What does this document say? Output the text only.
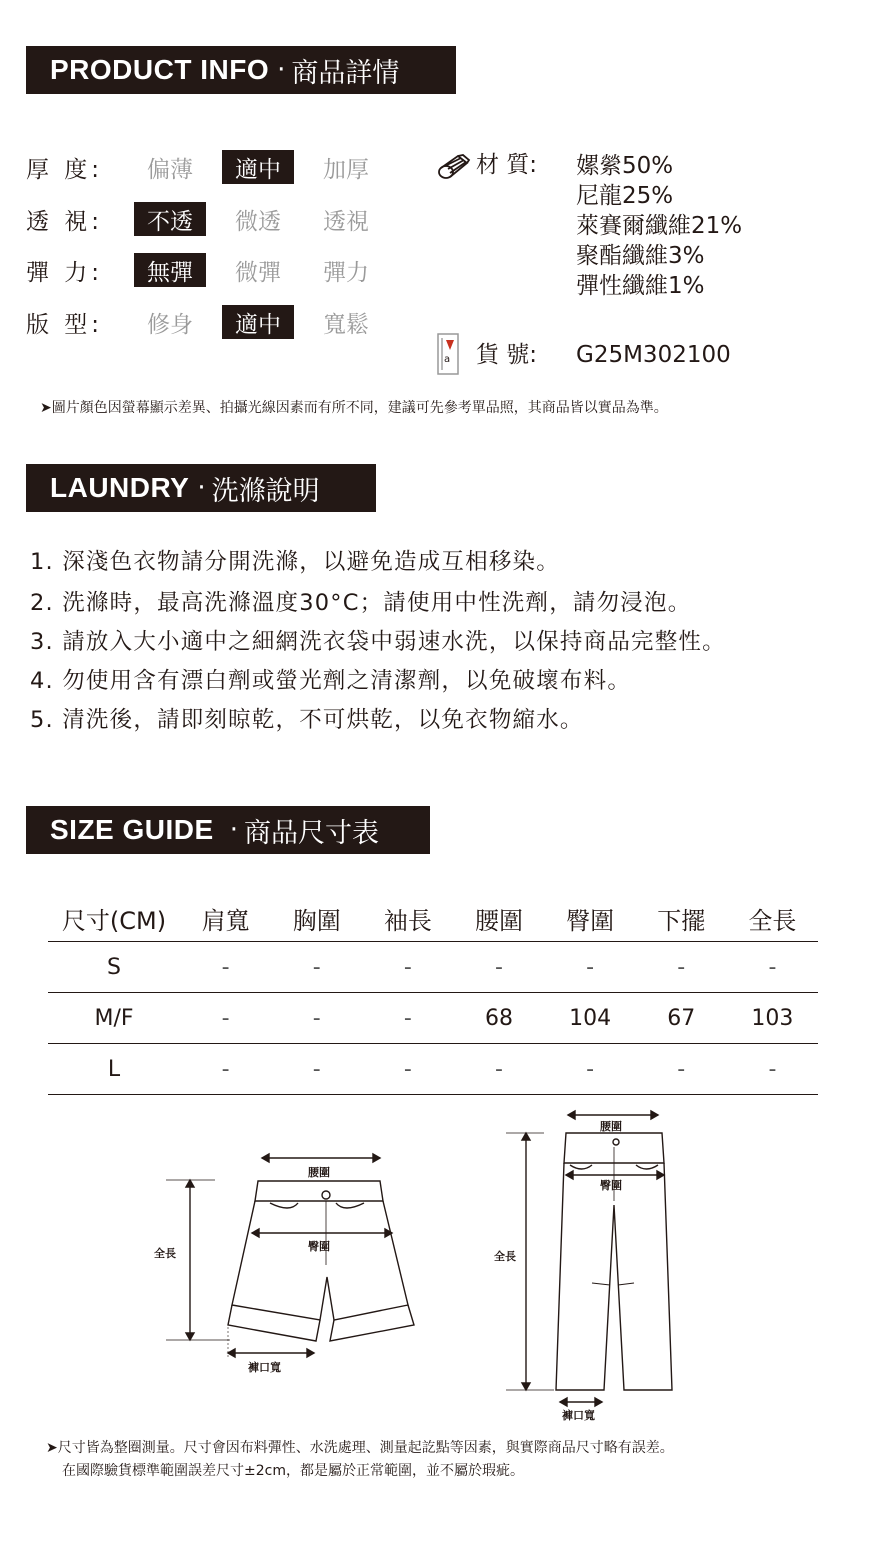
PRODUCT INFO · 商品詳情
厚 度:	偏薄	適中	加厚
透 視:	不透	微透	透視
彈 力:	無彈	微彈	彈力
版 型:	修身	適中	寬鬆
材 質: 嫘縈50%
尼龍25%
萊賽爾纖維21%
聚酯纖維3%
彈性纖維1%
a 貨 號: G25M302100
➤圖片顏色因螢幕顯示差異、拍攝光線因素而有所不同，建議可先參考單品照，其商品皆以實品為準。
LAUNDRY · 洗滌說明
1. 深淺色衣物請分開洗滌，以避免造成互相移染。
2. 洗滌時，最高洗滌溫度30°C；請使用中性洗劑，請勿浸泡。
3. 請放入大小適中之細網洗衣袋中弱速水洗，以保持商品完整性。
4. 勿使用含有漂白劑或螢光劑之清潔劑，以免破壞布料。
5. 清洗後，請即刻晾乾，不可烘乾，以免衣物縮水。
SIZE GUIDE · 商品尺寸表
尺寸(CM)	肩寬	胸圍	袖長	腰圍	臀圍	下擺	全長
S	-	-	-	-	-	-	-
M/F	-	-	-	68	104	67	103
L	-	-	-	-	-	-	-
腰圍
臀圍
全長
褲口寬
腰圍
臀圍
全長
褲口寬
➤尺寸皆為整圈測量。尺寸會因布料彈性、水洗處理、測量起訖點等因素，與實際商品尺寸略有誤差。
在國際驗貨標準範圍誤差尺寸±2cm，都是屬於正常範圍，並不屬於瑕疵。
